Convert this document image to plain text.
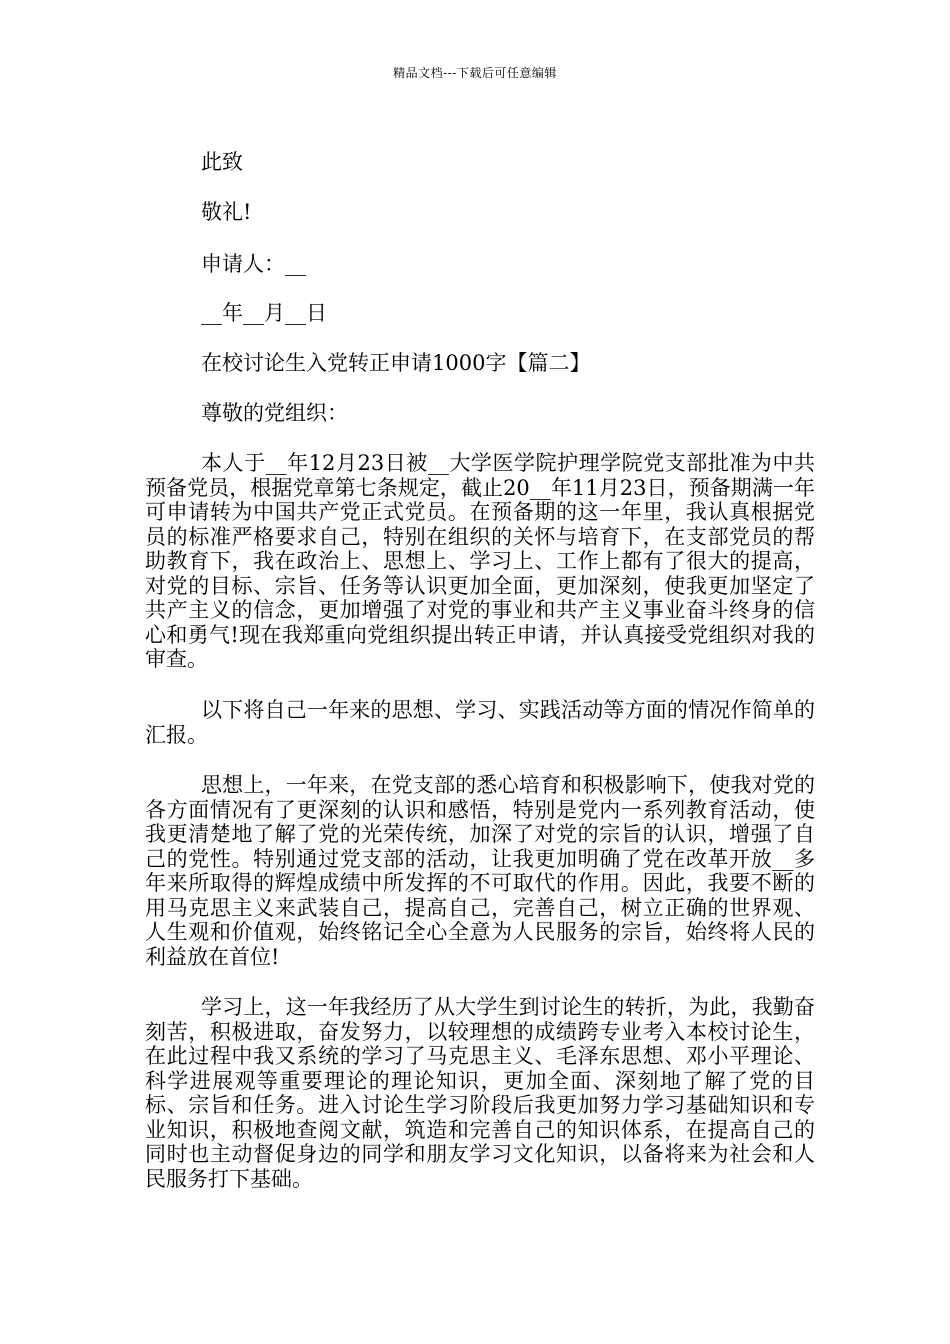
精品文档---下载后可任意编辑
此致
敬礼!
申请人：__
__年__月__日
在校讨论生入党转正申请1000字【篇二】
尊敬的党组织：
本人于__年12月23日被__大学医学院护理学院党支部批准为中共预备党员，根据党章第七条规定，截止20__年11月23日，预备期满一年可申请转为中国共产党正式党员。在预备期的这一年里，我认真根据党员的标准严格要求自己，特别在组织的关怀与培育下，在支部党员的帮助教育下，我在政治上、思想上、学习上、工作上都有了很大的提高，对党的目标、宗旨、任务等认识更加全面，更加深刻，使我更加坚定了共产主义的信念，更加增强了对党的事业和共产主义事业奋斗终身的信心和勇气!现在我郑重向党组织提出转正申请，并认真接受党组织对我的审查。
以下将自己一年来的思想、学习、实践活动等方面的情况作简单的汇报。
思想上，一年来，在党支部的悉心培育和积极影响下，使我对党的各方面情况有了更深刻的认识和感悟，特别是党内一系列教育活动，使我更清楚地了解了党的光荣传统，加深了对党的宗旨的认识，增强了自己的党性。特别通过党支部的活动，让我更加明确了党在改革开放__多年来所取得的辉煌成绩中所发挥的不可取代的作用。因此，我要不断的用马克思主义来武装自己，提高自己，完善自己，树立正确的世界观、人生观和价值观，始终铭记全心全意为人民服务的宗旨，始终将人民的利益放在首位!
学习上，这一年我经历了从大学生到讨论生的转折，为此，我勤奋刻苦，积极进取，奋发努力，以较理想的成绩跨专业考入本校讨论生，在此过程中我又系统的学习了马克思主义、毛泽东思想、邓小平理论、科学进展观等重要理论的理论知识，更加全面、深刻地了解了党的目标、宗旨和任务。进入讨论生学习阶段后我更加努力学习基础知识和专业知识，积极地查阅文献，筑造和完善自己的知识体系，在提高自己的同时也主动督促身边的同学和朋友学习文化知识，以备将来为社会和人民服务打下基础。
